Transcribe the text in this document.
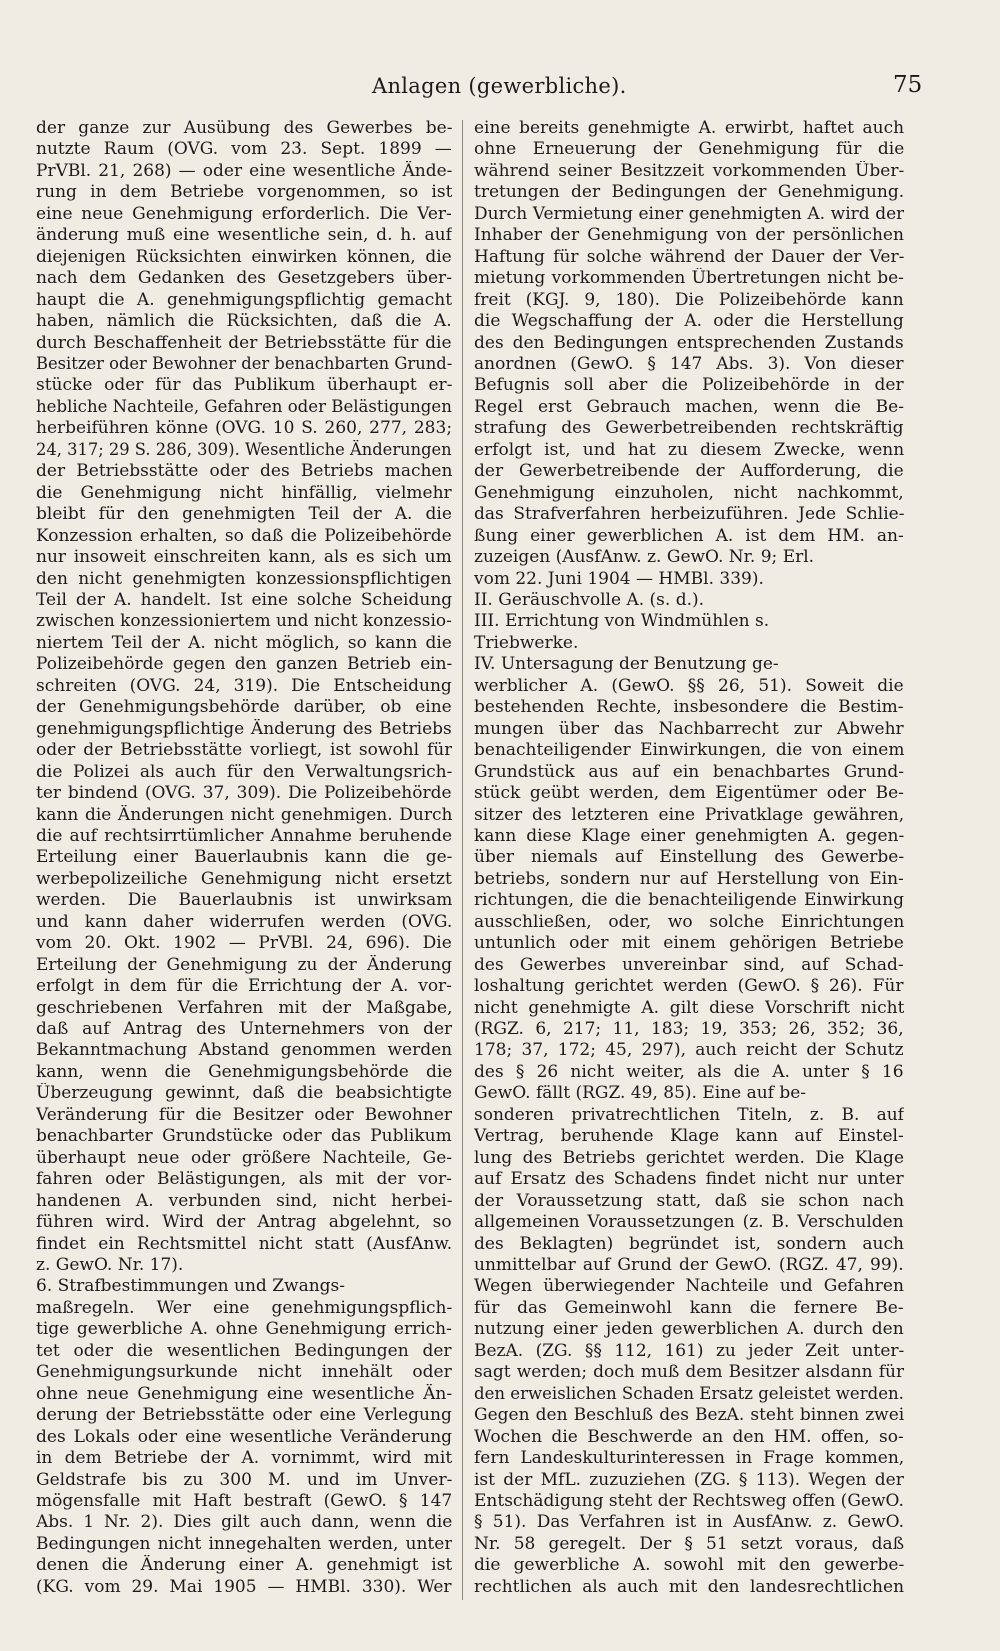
Anlagen (gewerbliche).	75
der ganze zur Ausübung des Gewerbes be-
nutzte Raum (OVG. vom 23. Sept. 1899 —
PrVBl. 21, 268) — oder eine wesentliche Ände-
rung in dem Betriebe vorgenommen, so ist
eine neue Genehmigung erforderlich. Die Ver-
änderung muß eine wesentliche sein, d. h. auf
diejenigen Rücksichten einwirken können, die
nach dem Gedanken des Gesetzgebers über-
haupt die A. genehmigungspflichtig gemacht
haben, nämlich die Rücksichten, daß die A.
durch Beschaffenheit der Betriebsstätte für die
Besitzer oder Bewohner der benachbarten Grund-
stücke oder für das Publikum überhaupt er-
hebliche Nachteile, Gefahren oder Belästigungen
herbeiführen könne (OVG. 10 S. 260, 277, 283;
24, 317; 29 S. 286, 309). Wesentliche Änderungen
der Betriebsstätte oder des Betriebs machen
die Genehmigung nicht hinfällig, vielmehr
bleibt für den genehmigten Teil der A. die
Konzession erhalten, so daß die Polizeibehörde
nur insoweit einschreiten kann, als es sich um
den nicht genehmigten konzessionspflichtigen
Teil der A. handelt. Ist eine solche Scheidung
zwischen konzessioniertem und nicht konzessio-
niertem Teil der A. nicht möglich, so kann die
Polizeibehörde gegen den ganzen Betrieb ein-
schreiten (OVG. 24, 319). Die Entscheidung
der Genehmigungsbehörde darüber, ob eine
genehmigungspflichtige Änderung des Betriebs
oder der Betriebsstätte vorliegt, ist sowohl für
die Polizei als auch für den Verwaltungsrich-
ter bindend (OVG. 37, 309). Die Polizeibehörde
kann die Änderungen nicht genehmigen. Durch
die auf rechtsirrtümlicher Annahme beruhende
Erteilung einer Bauerlaubnis kann die ge-
werbepolizeiliche Genehmigung nicht ersetzt
werden. Die Bauerlaubnis ist unwirksam
und kann daher widerrufen werden (OVG.
vom 20. Okt. 1902 — PrVBl. 24, 696). Die
Erteilung der Genehmigung zu der Änderung
erfolgt in dem für die Errichtung der A. vor-
geschriebenen Verfahren mit der Maßgabe,
daß auf Antrag des Unternehmers von der
Bekanntmachung Abstand genommen werden
kann, wenn die Genehmigungsbehörde die
Überzeugung gewinnt, daß die beabsichtigte
Veränderung für die Besitzer oder Bewohner
benachbarter Grundstücke oder das Publikum
überhaupt neue oder größere Nachteile, Ge-
fahren oder Belästigungen, als mit der vor-
handenen A. verbunden sind, nicht herbei-
führen wird. Wird der Antrag abgelehnt, so
findet ein Rechtsmittel nicht statt (AusfAnw.
z. GewO. Nr. 17).
6. Strafbestimmungen und Zwangs-
maßregeln. Wer eine genehmigungspflich-
tige gewerbliche A. ohne Genehmigung errich-
tet oder die wesentlichen Bedingungen der
Genehmigungsurkunde nicht innehält oder
ohne neue Genehmigung eine wesentliche Än-
derung der Betriebsstätte oder eine Verlegung
des Lokals oder eine wesentliche Veränderung
in dem Betriebe der A. vornimmt, wird mit
Geldstrafe bis zu 300 M. und im Unver-
mögensfalle mit Haft bestraft (GewO. § 147
Abs. 1 Nr. 2). Dies gilt auch dann, wenn die
Bedingungen nicht innegehalten werden, unter
denen die Änderung einer A. genehmigt ist
(KG. vom 29. Mai 1905 — HMBl. 330). Wer
eine bereits genehmigte A. erwirbt, haftet auch
ohne Erneuerung der Genehmigung für die
während seiner Besitzzeit vorkommenden Über-
tretungen der Bedingungen der Genehmigung.
Durch Vermietung einer genehmigten A. wird der
Inhaber der Genehmigung von der persönlichen
Haftung für solche während der Dauer der Ver-
mietung vorkommenden Übertretungen nicht be-
freit (KGJ. 9, 180). Die Polizeibehörde kann
die Wegschaffung der A. oder die Herstellung
des den Bedingungen entsprechenden Zustands
anordnen (GewO. § 147 Abs. 3). Von dieser
Befugnis soll aber die Polizeibehörde in der
Regel erst Gebrauch machen, wenn die Be-
strafung des Gewerbetreibenden rechtskräftig
erfolgt ist, und hat zu diesem Zwecke, wenn
der Gewerbetreibende der Aufforderung, die
Genehmigung einzuholen, nicht nachkommt,
das Strafverfahren herbeizuführen. Jede Schlie-
ßung einer gewerblichen A. ist dem HM. an-
zuzeigen (AusfAnw. z. GewO. Nr. 9; Erl.
vom 22. Juni 1904 — HMBl. 339).
II. Geräuschvolle A. (s. d.).
III. Errichtung von Windmühlen s.
Triebwerke.
IV. Untersagung der Benutzung ge-
werblicher A. (GewO. §§ 26, 51). Soweit die
bestehenden Rechte, insbesondere die Bestim-
mungen über das Nachbarrecht zur Abwehr
benachteiligender Einwirkungen, die von einem
Grundstück aus auf ein benachbartes Grund-
stück geübt werden, dem Eigentümer oder Be-
sitzer des letzteren eine Privatklage gewähren,
kann diese Klage einer genehmigten A. gegen-
über niemals auf Einstellung des Gewerbe-
betriebs, sondern nur auf Herstellung von Ein-
richtungen, die die benachteiligende Einwirkung
ausschließen, oder, wo solche Einrichtungen
untunlich oder mit einem gehörigen Betriebe
des Gewerbes unvereinbar sind, auf Schad-
loshaltung gerichtet werden (GewO. § 26). Für
nicht genehmigte A. gilt diese Vorschrift nicht
(RGZ. 6, 217; 11, 183; 19, 353; 26, 352; 36,
178; 37, 172; 45, 297), auch reicht der Schutz
des § 26 nicht weiter, als die A. unter § 16
GewO. fällt (RGZ. 49, 85). Eine auf be-
sonderen privatrechtlichen Titeln, z. B. auf
Vertrag, beruhende Klage kann auf Einstel-
lung des Betriebs gerichtet werden. Die Klage
auf Ersatz des Schadens findet nicht nur unter
der Voraussetzung statt, daß sie schon nach
allgemeinen Voraussetzungen (z. B. Verschulden
des Beklagten) begründet ist, sondern auch
unmittelbar auf Grund der GewO. (RGZ. 47, 99).
Wegen überwiegender Nachteile und Gefahren
für das Gemeinwohl kann die fernere Be-
nutzung einer jeden gewerblichen A. durch den
BezA. (ZG. §§ 112, 161) zu jeder Zeit unter-
sagt werden; doch muß dem Besitzer alsdann für
den erweislichen Schaden Ersatz geleistet werden.
Gegen den Beschluß des BezA. steht binnen zwei
Wochen die Beschwerde an den HM. offen, so-
fern Landeskulturinteressen in Frage kommen,
ist der MfL. zuzuziehen (ZG. § 113). Wegen der
Entschädigung steht der Rechtsweg offen (GewO.
§ 51). Das Verfahren ist in AusfAnw. z. GewO.
Nr. 58 geregelt. Der § 51 setzt voraus, daß
die gewerbliche A. sowohl mit den gewerbe-
rechtlichen als auch mit den landesrechtlichen
